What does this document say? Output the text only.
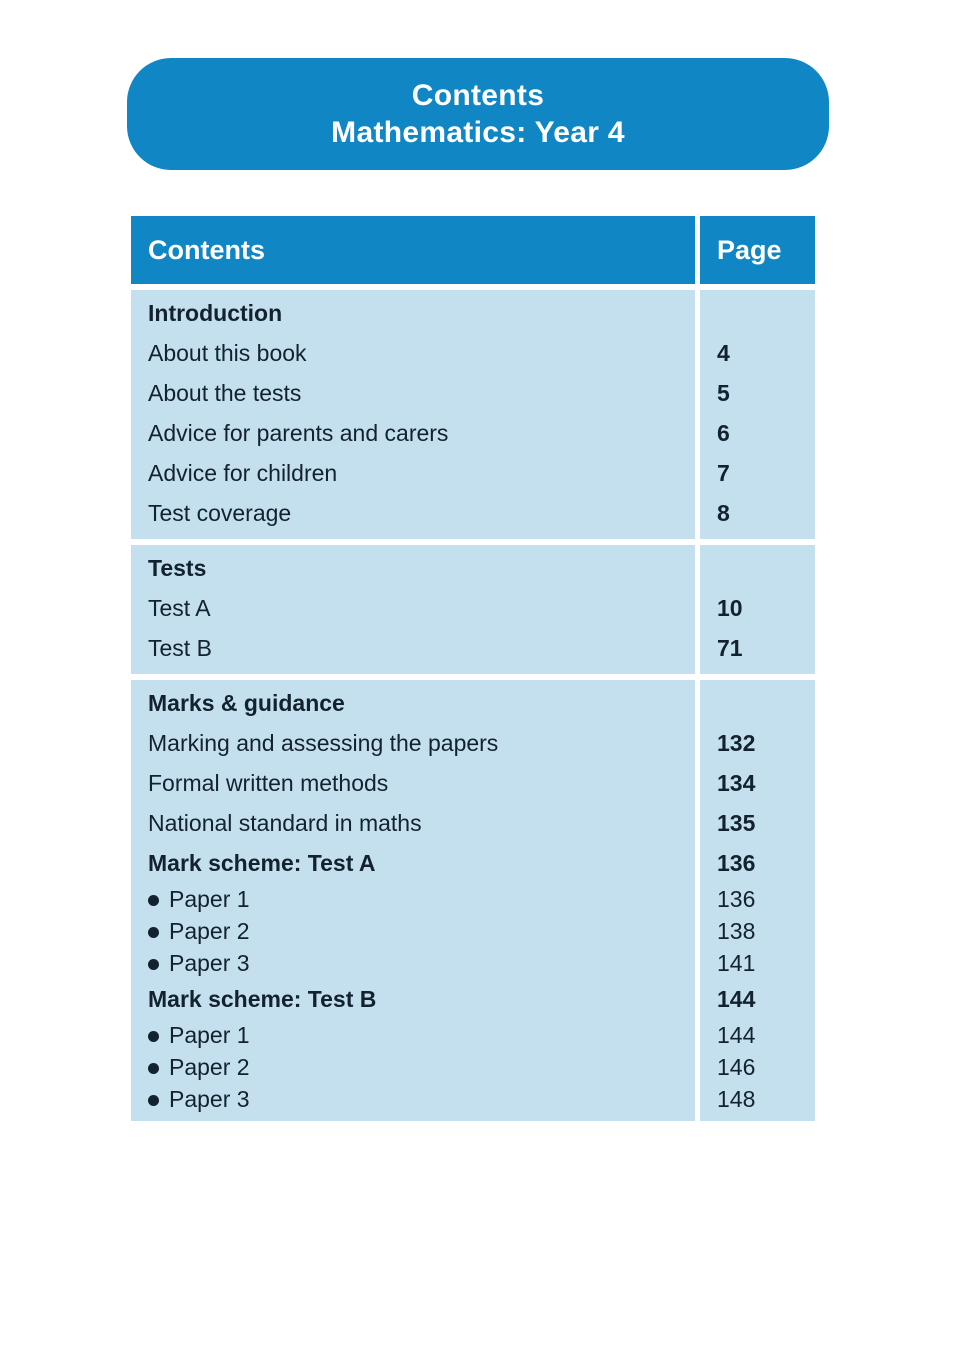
Contents
Mathematics: Year 4
Contents	Page
Introduction
About this book	4
About the tests	5
Advice for parents and carers	6
Advice for children	7
Test coverage	8
Tests
Test A	10
Test B	71
Marks & guidance
Marking and assessing the papers	132
Formal written methods	134
National standard in maths	135
Mark scheme: Test A	136
Paper 1	136
Paper 2	138
Paper 3	141
Mark scheme: Test B	144
Paper 1	144
Paper 2	146
Paper 3	148
